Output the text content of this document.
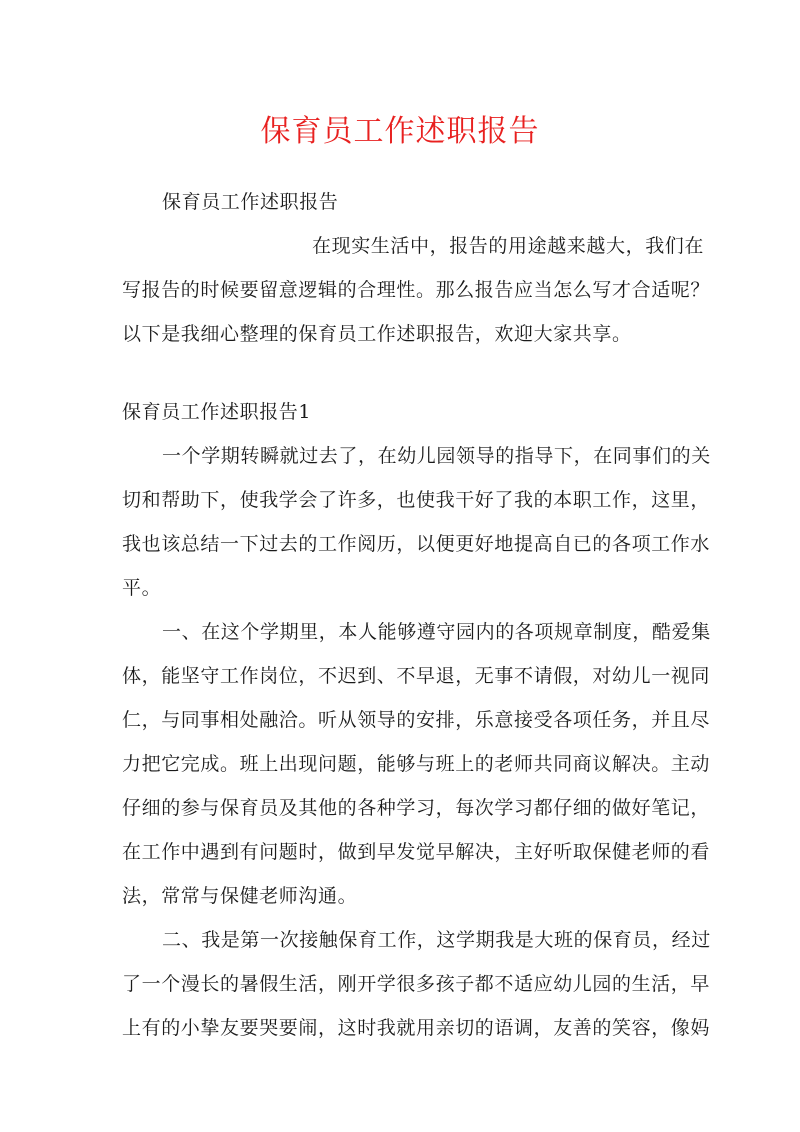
保育员工作述职报告
保育员工作述职报告
在现实生活中，报告的用途越来越大，我们在
写报告的时候要留意逻辑的合理性。那么报告应当怎么写才合适呢？
以下是我细心整理的保育员工作述职报告，欢迎大家共享。
保育员工作述职报告1
一个学期转瞬就过去了，在幼儿园领导的指导下，在同事们的关
切和帮助下，使我学会了许多，也使我干好了我的本职工作，这里，
我也该总结一下过去的工作阅历，以便更好地提高自已的各项工作水
平。
一、在这个学期里，本人能够遵守园内的各项规章制度，酷爱集
体，能坚守工作岗位，不迟到、不早退，无事不请假，对幼儿一视同
仁，与同事相处融洽。听从领导的安排，乐意接受各项任务，并且尽
力把它完成。班上出现问题，能够与班上的老师共同商议解决。主动
仔细的参与保育员及其他的各种学习，每次学习都仔细的做好笔记，
在工作中遇到有问题时，做到早发觉早解决，主好听取保健老师的看
法，常常与保健老师沟通。
二、我是第一次接触保育工作，这学期我是大班的保育员，经过
了一个漫长的暑假生活，刚开学很多孩子都不适应幼儿园的生活，早
上有的小挚友要哭要闹，这时我就用亲切的语调，友善的笑容，像妈
